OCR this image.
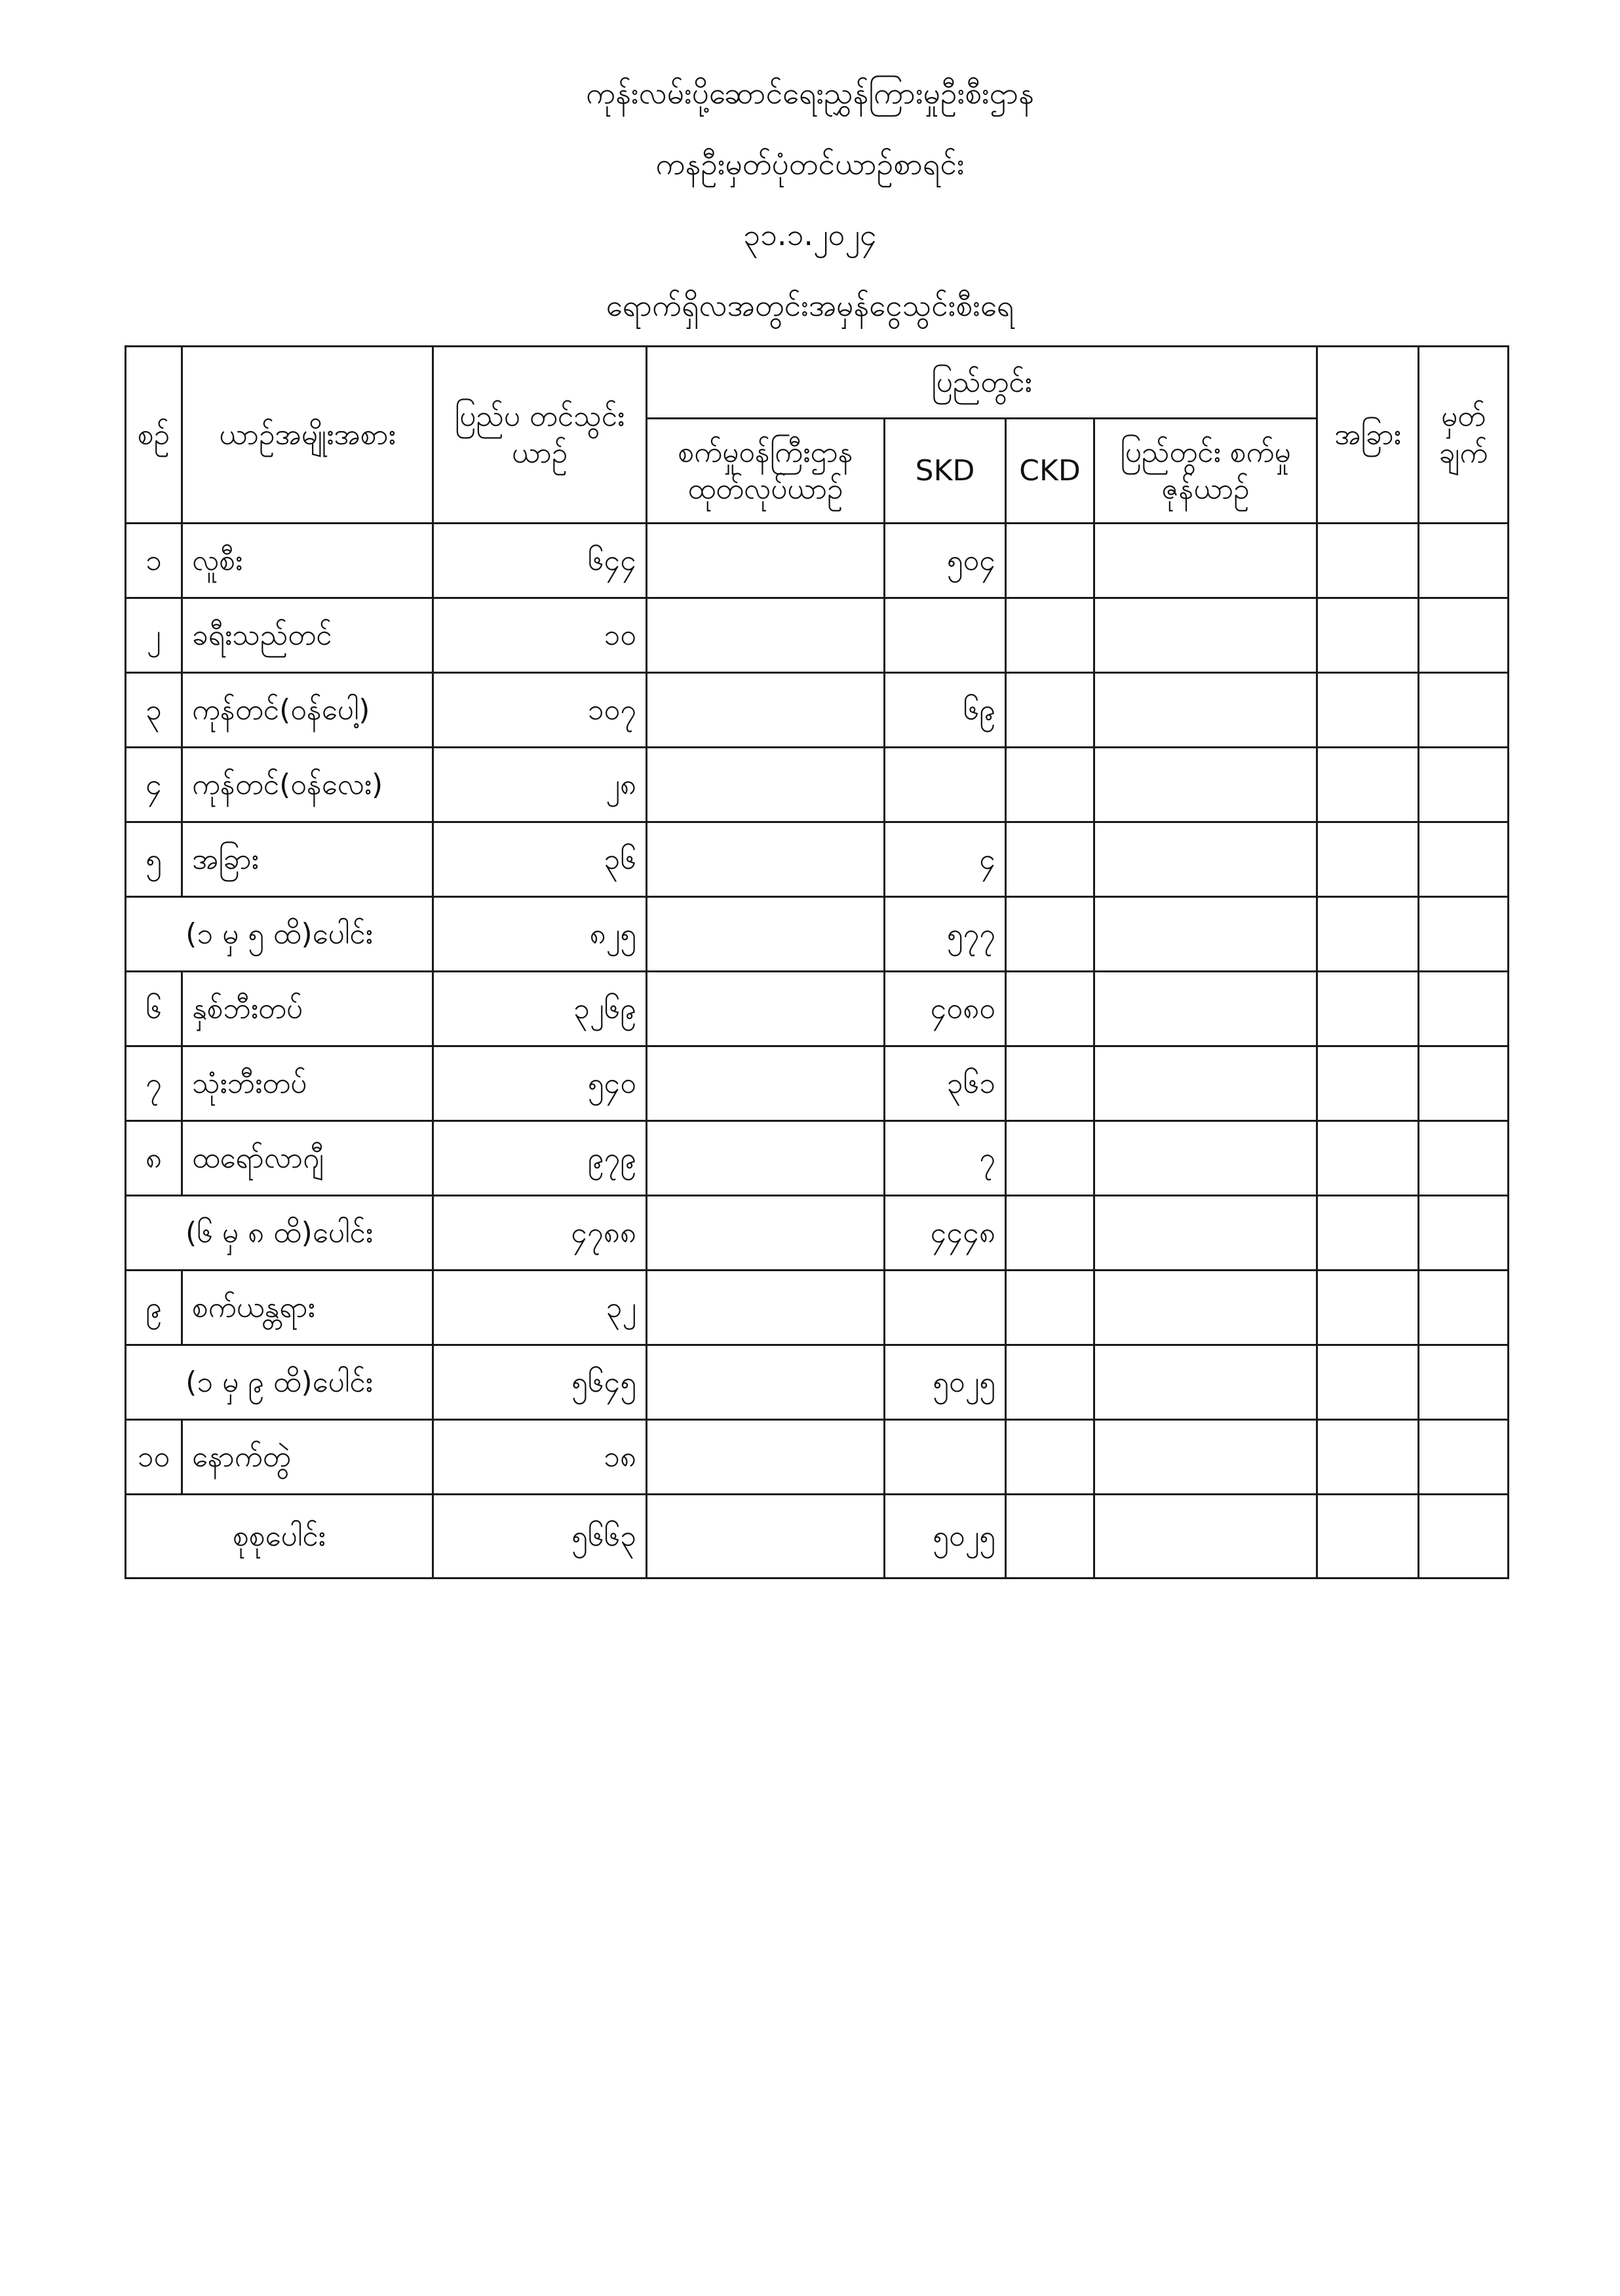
ကုန်းလမ်းပို့ဆောင်ရေးညွှန်ကြားမှုဦးစီးဌာန
ကနဦးမှတ်ပုံတင်ယာဉ်စာရင်း
၃၁.၁.၂၀၂၄
ရောက်ရှိလအတွင်းအမှန်ငွေသွင်းစီးရေ
စဉ်	ယာဉ်အမျိုးအစား	ပြည်ပ တင်သွင်းယာဉ်	ပြည်တွင်း				အခြား	မှတ် ချက်
			စက်မှုဝန်ကြီးဌာန ထုတ်လုပ်ယာဉ်	SKD	CKD	ပြည်တွင်း စက်မှုဇုန်ယာဉ်		
၁	လူစီး	၆၄၄		၅၀၄				
၂	ခရီးသည်တင်	၁၀						
၃	ကုန်တင်(ဝန်ပေါ့)	၁၀၇		၆၉				
၄	ကုန်တင်(ဝန်လေး)	၂၈						
၅	အခြား	၃၆		၄				
(၁ မှ ၅ ထိ)ပေါင်း		၈၂၅		၅၇၇				
၆	နှစ်ဘီးတပ်	၃၂၆၉		၄၀၈၀				
၇	သုံးဘီးတပ်	၅၄၀		၃၆၁				
၈	ထရော်လာဂျီ	၉၇၉		၇				
(၆ မှ ၈ ထိ)ပေါင်း		၄၇၈၈		၄၄၄၈				
၉	စက်ယန္တရား	၃၂						
(၁ မှ ၉ ထိ)ပေါင်း		၅၆၄၅		၅၀၂၅				
၁၀	နောက်တွဲ	၁၈						
စုစုပေါင်း		၅၆၆၃		၅၀၂၅				
